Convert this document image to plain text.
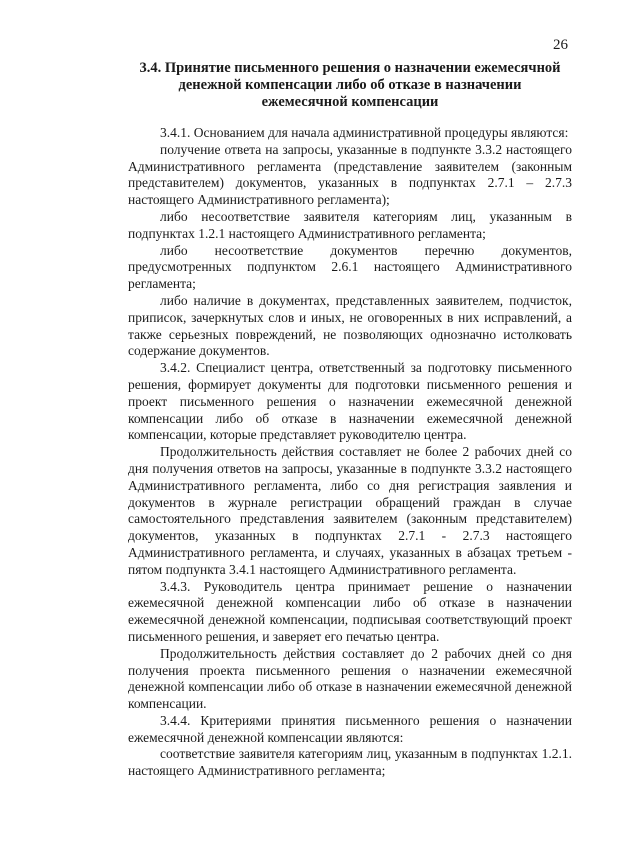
26
3.4. Принятие письменного решения о назначении ежемесячной денежной компенсации либо об отказе в назначении ежемесячной компенсации

3.4.1. Основанием для начала административной процедуры являются:

получение ответа на запросы, указанные в подпункте 3.3.2 настоящего Административного регламента (представление заявителем (законным представителем) документов, указанных в подпунктах 2.7.1 – 2.7.3 настоящего Административного регламента);

либо несоответствие заявителя категориям лиц, указанным в подпунктах 1.2.1 настоящего Административного регламента;

либо несоответствие документов перечню документов, предусмотренных подпунктом 2.6.1 настоящего Административного регламента;

либо наличие в документах, представленных заявителем, подчисток, приписок, зачеркнутых слов и иных, не оговоренных в них исправлений, а также серьезных повреждений, не позволяющих однозначно истолковать содержание документов.

3.4.2. Специалист центра, ответственный за подготовку письменного решения, формирует документы для подготовки письменного решения и проект письменного решения о назначении ежемесячной денежной компенсации либо об отказе в назначении ежемесячной денежной компенсации, которые представляет руководителю центра.

Продолжительность действия составляет не более 2 рабочих дней со дня получения ответов на запросы, указанные в подпункте 3.3.2 настоящего Административного регламента, либо со дня регистрация заявления и документов в журнале регистрации обращений граждан в случае самостоятельного представления заявителем (законным представителем) документов, указанных в подпунктах 2.7.1 - 2.7.3 настоящего Административного регламента, и случаях, указанных в абзацах третьем - пятом подпункта 3.4.1 настоящего Административного регламента.

3.4.3. Руководитель центра принимает решение о назначении ежемесячной денежной компенсации либо об отказе в назначении ежемесячной денежной компенсации, подписывая соответствующий проект письменного решения, и заверяет его печатью центра.

Продолжительность действия составляет до 2 рабочих дней со дня получения проекта письменного решения о назначении ежемесячной денежной компенсации либо об отказе в назначении ежемесячной денежной компенсации.

3.4.4. Критериями принятия письменного решения о назначении ежемесячной денежной компенсации являются:

соответствие заявителя категориям лиц, указанным в подпунктах 1.2.1. настоящего Административного регламента;
